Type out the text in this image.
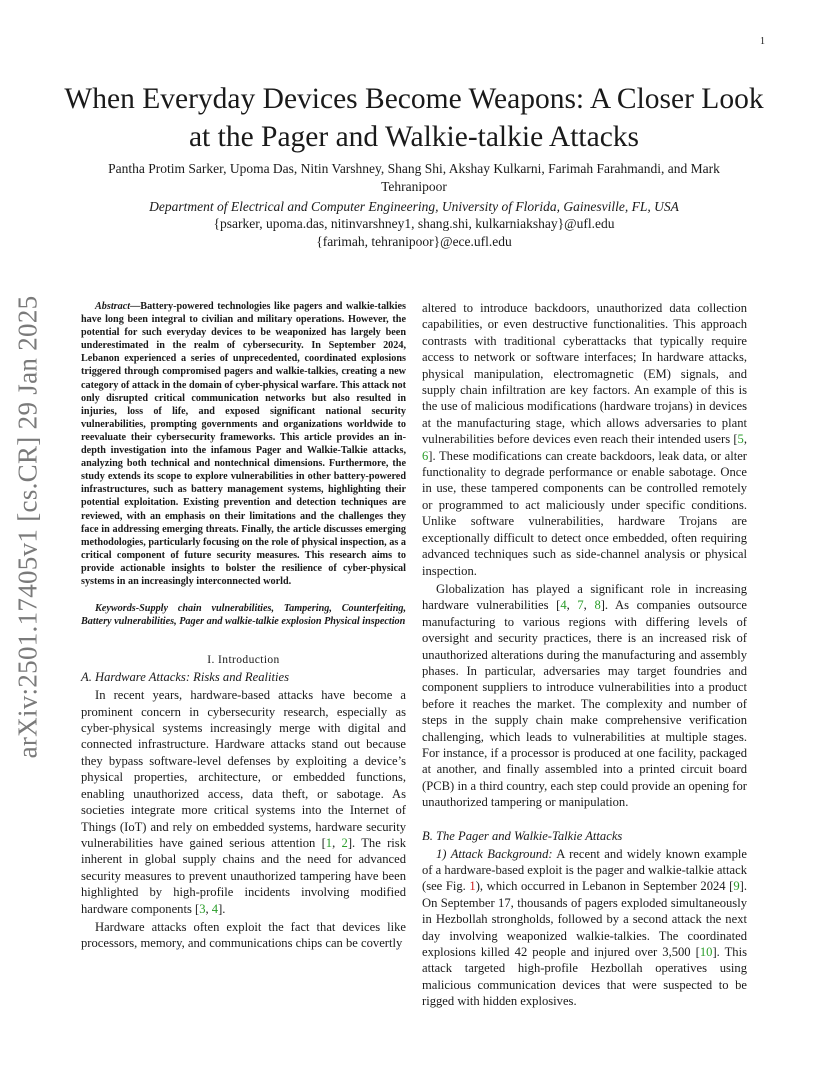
1
arXiv:2501.17405v1 [cs.CR] 29 Jan 2025
When Everyday Devices Become Weapons: A Closer Look at the Pager and Walkie-talkie Attacks

Pantha Protim Sarker, Upoma Das, Nitin Varshney, Shang Shi, Akshay Kulkarni, Farimah Farahmandi, and Mark Tehranipoor

Department of Electrical and Computer Engineering, University of Florida, Gainesville, FL, USA

{psarker, upoma.das, nitinvarshney1, shang.shi, kulkarniakshay}@ufl.edu

{farimah, tehranipoor}@ece.ufl.edu

Abstract—Battery-powered technologies like pagers and walkie-talkies have long been integral to civilian and military operations. However, the potential for such everyday devices to be weaponized has largely been underestimated in the realm of cybersecurity. In September 2024, Lebanon experienced a series of unprecedented, coordinated explosions triggered through compromised pagers and walkie-talkies, creating a new category of attack in the domain of cyber-physical warfare. This attack not only disrupted critical communication networks but also resulted in injuries, loss of life, and exposed significant national security vulnerabilities, prompting governments and organizations worldwide to reevaluate their cybersecurity frameworks. This article provides an in-depth investigation into the infamous Pager and Walkie-Talkie attacks, analyzing both technical and nontechnical dimensions. Furthermore, the study extends its scope to explore vulnerabilities in other battery-powered infrastructures, such as battery management systems, highlighting their potential exploitation. Existing prevention and detection techniques are reviewed, with an emphasis on their limitations and the challenges they face in addressing emerging threats. Finally, the article discusses emerging methodologies, particularly focusing on the role of physical inspection, as a critical component of future security measures. This research aims to provide actionable insights to bolster the resilience of cyber-physical systems in an increasingly interconnected world.

Keywords-Supply chain vulnerabilities, Tampering, Counterfeiting, Battery vulnerabilities, Pager and walkie-talkie explosion Physical inspection

I. Introduction

A. Hardware Attacks: Risks and Realities

In recent years, hardware-based attacks have become a prominent concern in cybersecurity research, especially as cyber-physical systems increasingly merge with digital and connected infrastructure. Hardware attacks stand out because they bypass software-level defenses by exploiting a device’s physical properties, architecture, or embedded functions, enabling unauthorized access, data theft, or sabotage. As societies integrate more critical systems into the Internet of Things (IoT) and rely on embedded systems, hardware security vulnerabilities have gained serious attention [1, 2]. The risk inherent in global supply chains and the need for advanced security measures to prevent unauthorized tampering have been highlighted by high-profile incidents involving modified hardware components [3, 4].

Hardware attacks often exploit the fact that devices like processors, memory, and communications chips can be covertly

altered to introduce backdoors, unauthorized data collection capabilities, or even destructive functionalities. This approach contrasts with traditional cyberattacks that typically require access to network or software interfaces; In hardware attacks, physical manipulation, electromagnetic (EM) signals, and supply chain infiltration are key factors. An example of this is the use of malicious modifications (hardware trojans) in devices at the manufacturing stage, which allows adversaries to plant vulnerabilities before devices even reach their intended users [5, 6]. These modifications can create backdoors, leak data, or alter functionality to degrade performance or enable sabotage. Once in use, these tampered components can be controlled remotely or programmed to act maliciously under specific conditions. Unlike software vulnerabilities, hardware Trojans are exceptionally difficult to detect once embedded, often requiring advanced techniques such as side-channel analysis or physical inspection.

Globalization has played a significant role in increasing hardware vulnerabilities [4, 7, 8]. As companies outsource manufacturing to various regions with differing levels of oversight and security practices, there is an increased risk of unauthorized alterations during the manufacturing and assembly phases. In particular, adversaries may target foundries and component suppliers to introduce vulnerabilities into a product before it reaches the market. The complexity and number of steps in the supply chain make comprehensive verification challenging, which leads to vulnerabilities at multiple stages. For instance, if a processor is produced at one facility, packaged at another, and finally assembled into a printed circuit board (PCB) in a third country, each step could provide an opening for unauthorized tampering or manipulation.

B. The Pager and Walkie-Talkie Attacks

1) Attack Background: A recent and widely known example of a hardware-based exploit is the pager and walkie-talkie attack (see Fig. 1), which occurred in Lebanon in September 2024 [9]. On September 17, thousands of pagers exploded simultaneously in Hezbollah strongholds, followed by a second attack the next day involving weaponized walkie-talkies. The coordinated explosions killed 42 people and injured over 3,500 [10]. This attack targeted high-profile Hezbollah operatives using malicious communication devices that were suspected to be rigged with hidden explosives.
